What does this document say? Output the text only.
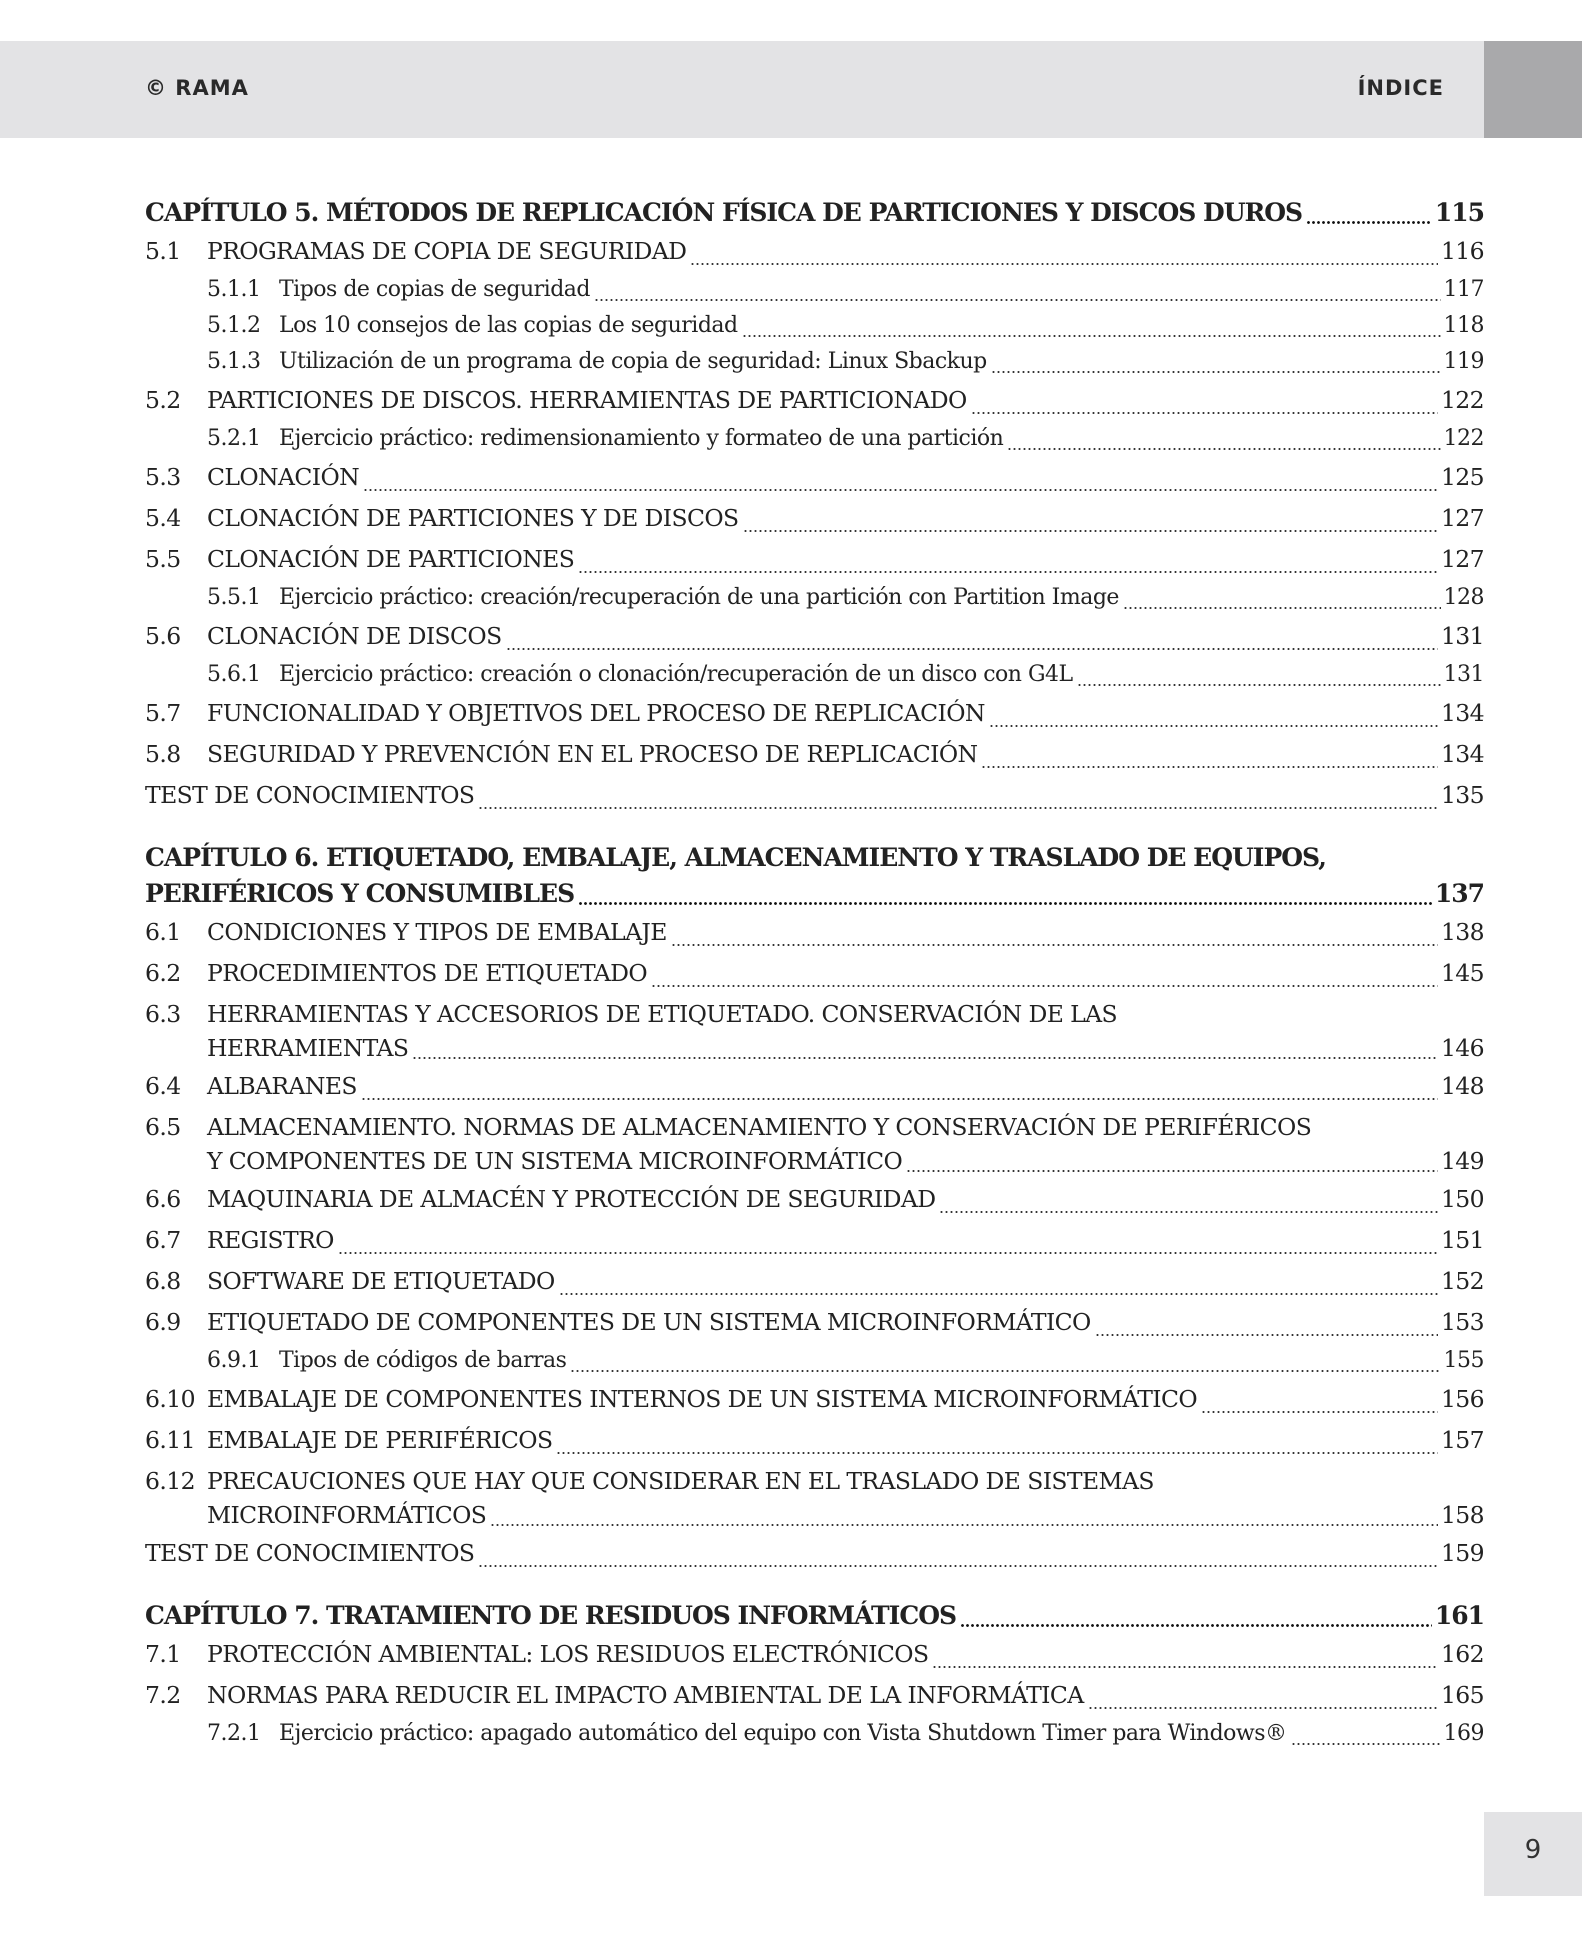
© RAMA	ÍNDICE
CAPÍTULO 5. MÉTODOS DE REPLICACIÓN FÍSICA DE PARTICIONES Y DISCOS DUROS	115
5.1	PROGRAMAS DE COPIA DE SEGURIDAD	116
5.1.1 Tipos de copias de seguridad	117
5.1.2 Los 10 consejos de las copias de seguridad	118
5.1.3 Utilización de un programa de copia de seguridad: Linux Sbackup	119
5.2	PARTICIONES DE DISCOS. HERRAMIENTAS DE PARTICIONADO	122
5.2.1 Ejercicio práctico: redimensionamiento y formateo de una partición	122
5.3	CLONACIÓN	125
5.4	CLONACIÓN DE PARTICIONES Y DE DISCOS	127
5.5	CLONACIÓN DE PARTICIONES	127
5.5.1 Ejercicio práctico: creación/recuperación de una partición con Partition Image	128
5.6	CLONACIÓN DE DISCOS	131
5.6.1 Ejercicio práctico: creación o clonación/recuperación de un disco con G4L	131
5.7	FUNCIONALIDAD Y OBJETIVOS DEL PROCESO DE REPLICACIÓN	134
5.8	SEGURIDAD Y PREVENCIÓN EN EL PROCESO DE REPLICACIÓN	134
TEST DE CONOCIMIENTOS	135
CAPÍTULO 6. ETIQUETADO, EMBALAJE, ALMACENAMIENTO Y TRASLADO DE EQUIPOS,
PERIFÉRICOS Y CONSUMIBLES	137
6.1	CONDICIONES Y TIPOS DE EMBALAJE	138
6.2	PROCEDIMIENTOS DE ETIQUETADO	145
6.3	HERRAMIENTAS Y ACCESORIOS DE ETIQUETADO. CONSERVACIÓN DE LAS
HERRAMIENTAS	146
6.4	ALBARANES	148
6.5	ALMACENAMIENTO. NORMAS DE ALMACENAMIENTO Y CONSERVACIÓN DE PERIFÉRICOS
Y COMPONENTES DE UN SISTEMA MICROINFORMÁTICO	149
6.6	MAQUINARIA DE ALMACÉN Y PROTECCIÓN DE SEGURIDAD	150
6.7	REGISTRO	151
6.8	SOFTWARE DE ETIQUETADO	152
6.9	ETIQUETADO DE COMPONENTES DE UN SISTEMA MICROINFORMÁTICO	153
6.9.1 Tipos de códigos de barras	155
6.10 EMBALAJE DE COMPONENTES INTERNOS DE UN SISTEMA MICROINFORMÁTICO	156
6.11 EMBALAJE DE PERIFÉRICOS	157
6.12 PRECAUCIONES QUE HAY QUE CONSIDERAR EN EL TRASLADO DE SISTEMAS
MICROINFORMÁTICOS	158
TEST DE CONOCIMIENTOS	159
CAPÍTULO 7. TRATAMIENTO DE RESIDUOS INFORMÁTICOS	161
7.1	PROTECCIÓN AMBIENTAL: LOS RESIDUOS ELECTRÓNICOS	162
7.2	NORMAS PARA REDUCIR EL IMPACTO AMBIENTAL DE LA INFORMÁTICA	165
7.2.1 Ejercicio práctico: apagado automático del equipo con Vista Shutdown Timer para Windows®	169
9
